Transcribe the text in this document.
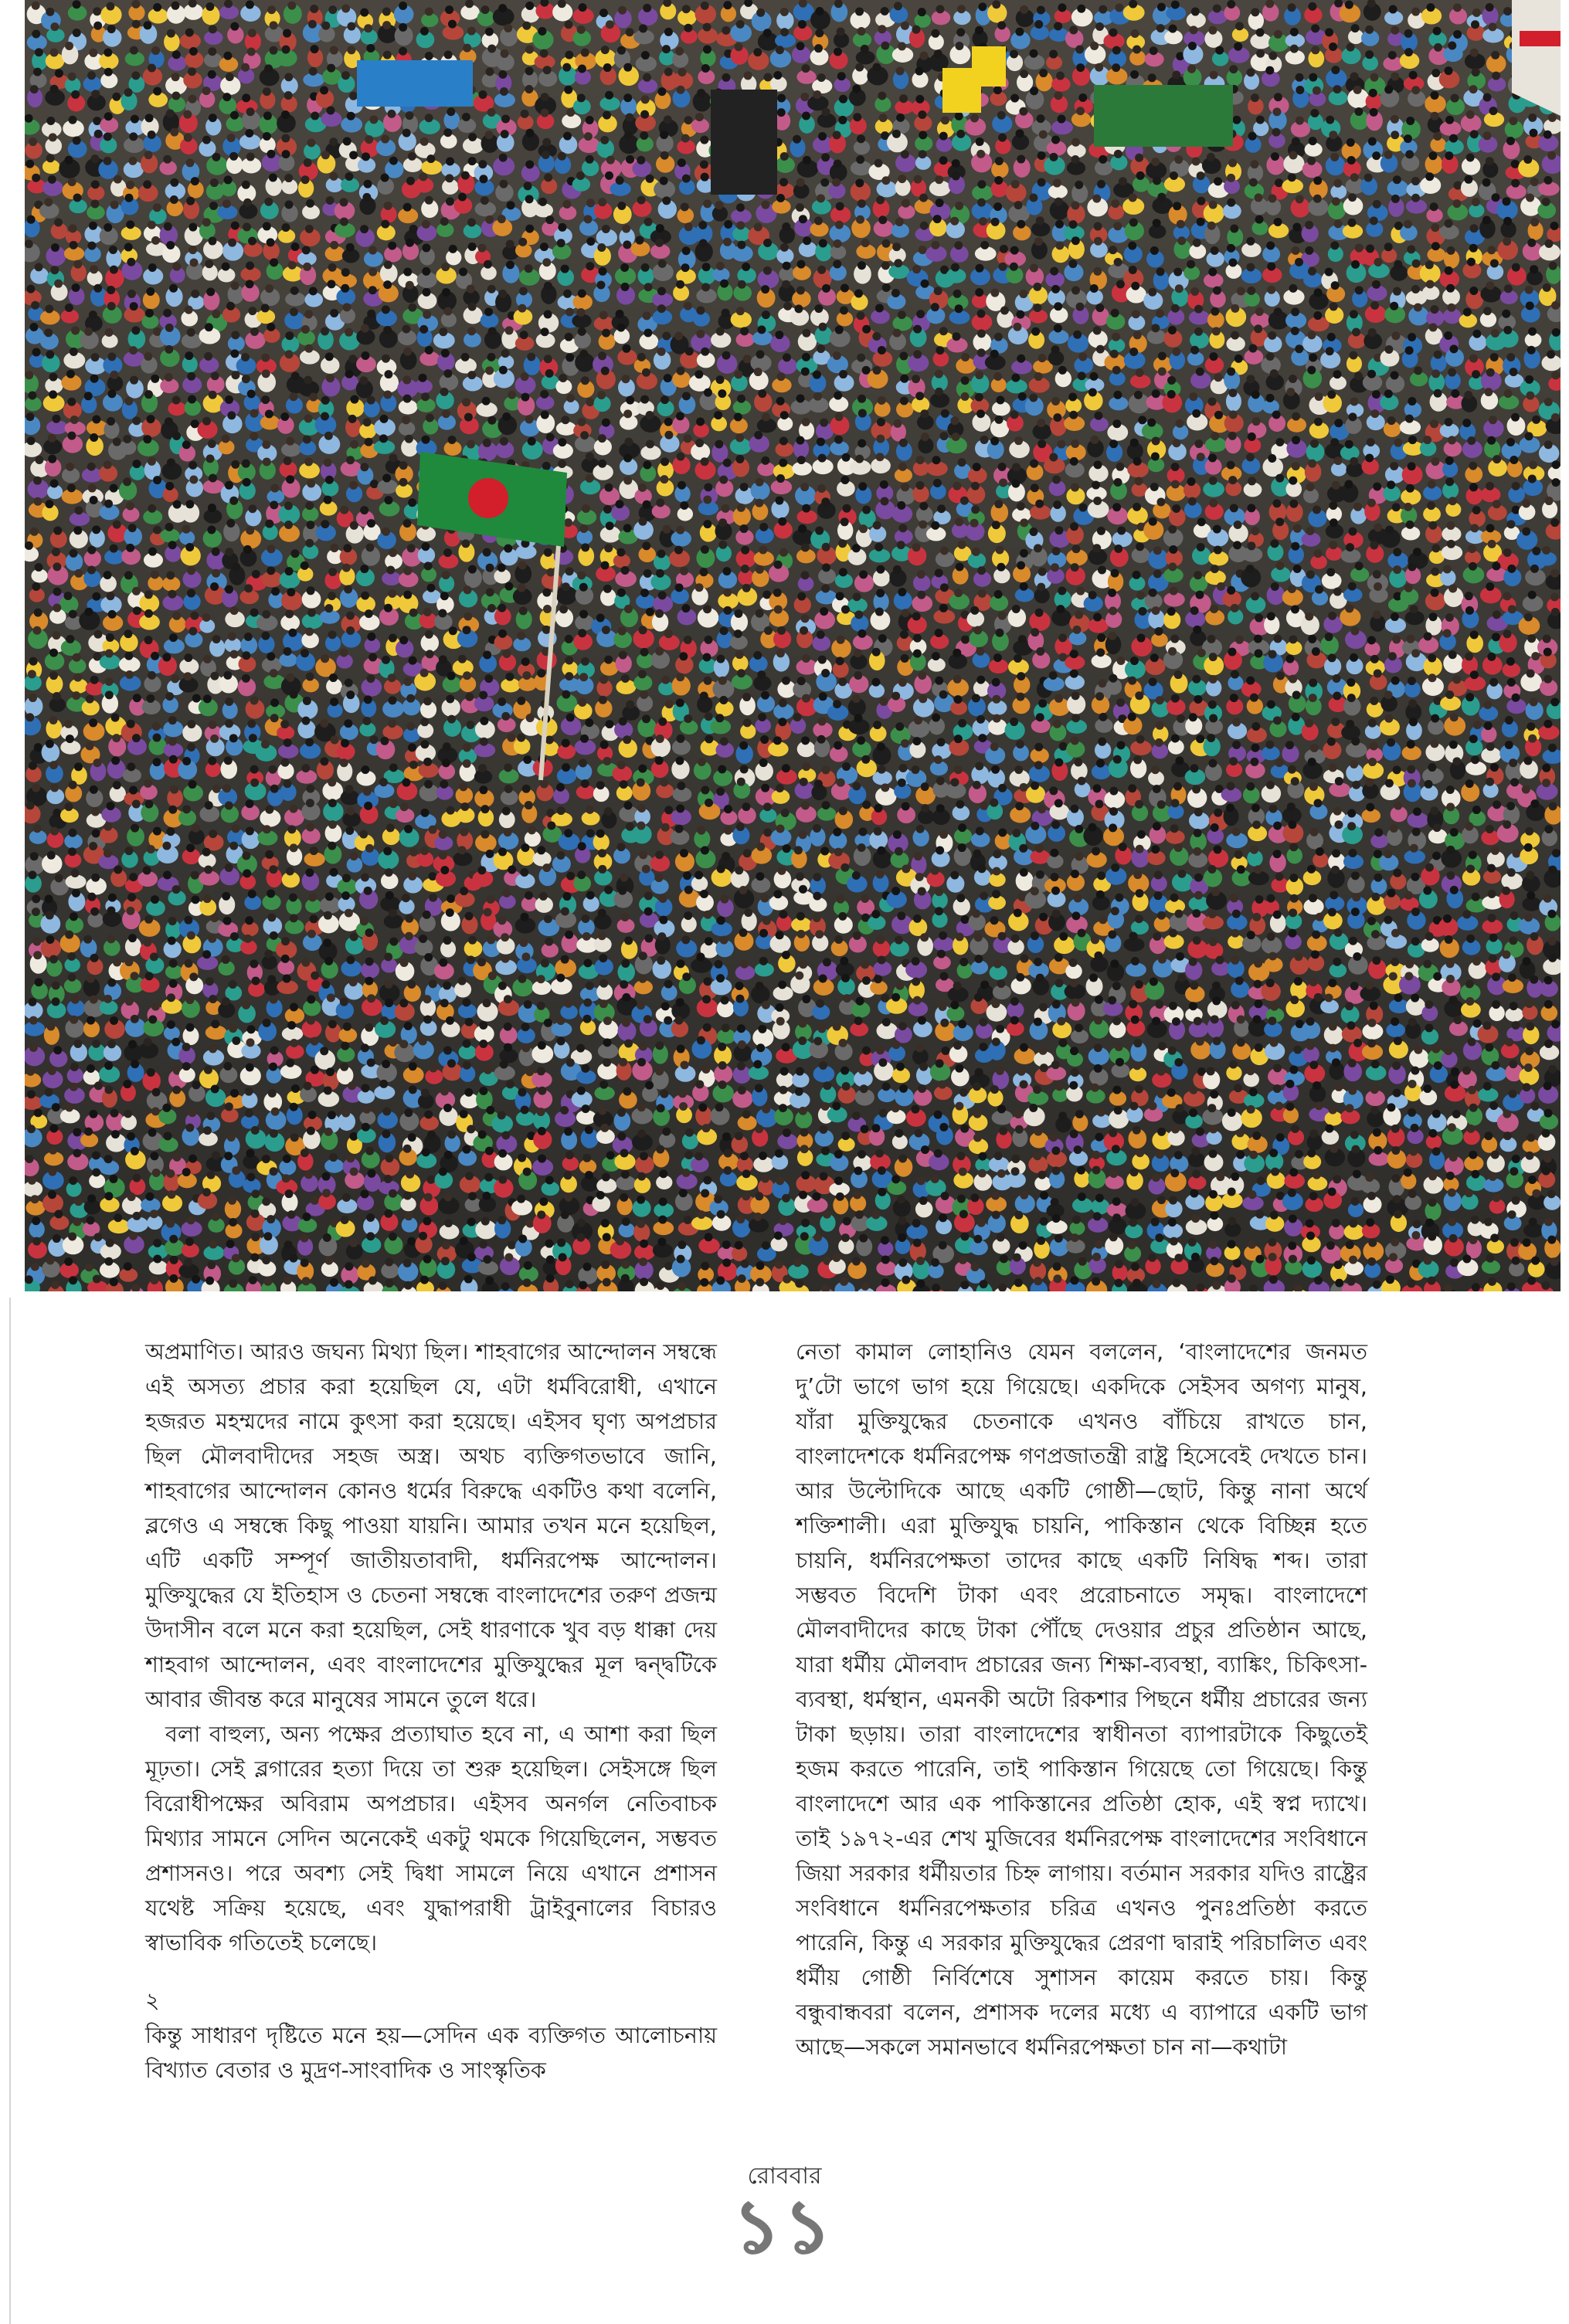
অপ্রমাণিত। আরও জঘন্য মিথ্যা ছিল। শাহবাগের আন্দোলন সম্বন্ধে এই অসত্য প্রচার করা হয়েছিল যে, এটা ধর্মবিরোধী, এখানে হজরত মহম্মদের নামে কুৎসা করা হয়েছে। এইসব ঘৃণ্য অপপ্রচার ছিল মৌলবাদীদের সহজ অস্ত্র। অথচ ব্যক্তিগতভাবে জানি, শাহবাগের আন্দোলন কোনও ধর্মের বিরুদ্ধে একটিও কথা বলেনি, ব্লগেও এ সম্বন্ধে কিছু পাওয়া যায়নি। আমার তখন মনে হয়েছিল, এটি একটি সম্পূর্ণ জাতীয়তাবাদী, ধর্মনিরপেক্ষ আন্দোলন। মুক্তিযুদ্ধের যে ইতিহাস ও চেতনা সম্বন্ধে বাংলাদেশের তরুণ প্রজন্ম উদাসীন বলে মনে করা হয়েছিল, সেই ধারণাকে খুব বড় ধাক্কা দেয় শাহবাগ আন্দোলন, এবং বাংলাদেশের মুক্তিযুদ্ধের মূল দ্বন্দ্বটিকে আবার জীবন্ত করে মানুষের সামনে তুলে ধরে।

বলা বাহুল্য, অন্য পক্ষের প্রত্যাঘাত হবে না, এ আশা করা ছিল মূঢ়তা। সেই ব্লগারের হত্যা দিয়ে তা শুরু হয়েছিল। সেইসঙ্গে ছিল বিরোধীপক্ষের অবিরাম অপপ্রচার। এইসব অনর্গল নেতিবাচক মিথ্যার সামনে সেদিন অনেকেই একটু থমকে গিয়েছিলেন, সম্ভবত প্রশাসনও। পরে অবশ্য সেই দ্বিধা সামলে নিয়ে এখানে প্রশাসন যথেষ্ট সক্রিয় হয়েছে, এবং যুদ্ধাপরাধী ট্রাইবুনালের বিচারও স্বাভাবিক গতিতেই চলেছে।

২

কিন্তু সাধারণ দৃষ্টিতে মনে হয়—সেদিন এক ব্যক্তিগত আলোচনায় বিখ্যাত বেতার ও মুদ্রণ-সাংবাদিক ও সাংস্কৃতিক

নেতা কামাল লোহানিও যেমন বললেন, ‘বাংলাদেশের জনমত দু’টো ভাগে ভাগ হয়ে গিয়েছে। একদিকে সেইসব অগণ্য মানুষ, যাঁরা মুক্তিযুদ্ধের চেতনাকে এখনও বাঁচিয়ে রাখতে চান, বাংলাদেশকে ধর্মনিরপেক্ষ গণপ্রজাতন্ত্রী রাষ্ট্র হিসেবেই দেখতে চান। আর উল্টোদিকে আছে একটি গোষ্ঠী—ছোট, কিন্তু নানা অর্থে শক্তিশালী। এরা মুক্তিযুদ্ধ চায়নি, পাকিস্তান থেকে বিচ্ছিন্ন হতে চায়নি, ধর্মনিরপেক্ষতা তাদের কাছে একটি নিষিদ্ধ শব্দ। তারা সম্ভবত বিদেশি টাকা এবং প্ররোচনাতে সমৃদ্ধ। বাংলাদেশে মৌলবাদীদের কাছে টাকা পৌঁছে দেওয়ার প্রচুর প্রতিষ্ঠান আছে, যারা ধর্মীয় মৌলবাদ প্রচারের জন্য শিক্ষা-ব্যবস্থা, ব্যাঙ্কিং, চিকিৎসা-ব্যবস্থা, ধর্মস্থান, এমনকী অটো রিকশার পিছনে ধর্মীয় প্রচারের জন্য টাকা ছড়ায়। তারা বাংলাদেশের স্বাধীনতা ব্যাপারটাকে কিছুতেই হজম করতে পারেনি, তাই পাকিস্তান গিয়েছে তো গিয়েছে। কিন্তু বাংলাদেশে আর এক পাকিস্তানের প্রতিষ্ঠা হোক, এই স্বপ্ন দ্যাখে। তাই ১৯৭২-এর শেখ মুজিবের ধর্মনিরপেক্ষ বাংলাদেশের সংবিধানে জিয়া সরকার ধর্মীয়তার চিহ্ন লাগায়। বর্তমান সরকার যদিও রাষ্ট্রের সংবিধানে ধর্মনিরপেক্ষতার চরিত্র এখনও পুনঃপ্রতিষ্ঠা করতে পারেনি, কিন্তু এ সরকার মুক্তিযুদ্ধের প্রেরণা দ্বারাই পরিচালিত এবং ধর্মীয় গোষ্ঠী নির্বিশেষে সুশাসন কায়েম করতে চায়। কিন্তু বন্ধুবান্ধবরা বলেন, প্রশাসক দলের মধ্যে এ ব্যাপারে একটি ভাগ আছে—সকলে সমানভাবে ধর্মনিরপেক্ষতা চান না—কথাটা

রোববার
১১
